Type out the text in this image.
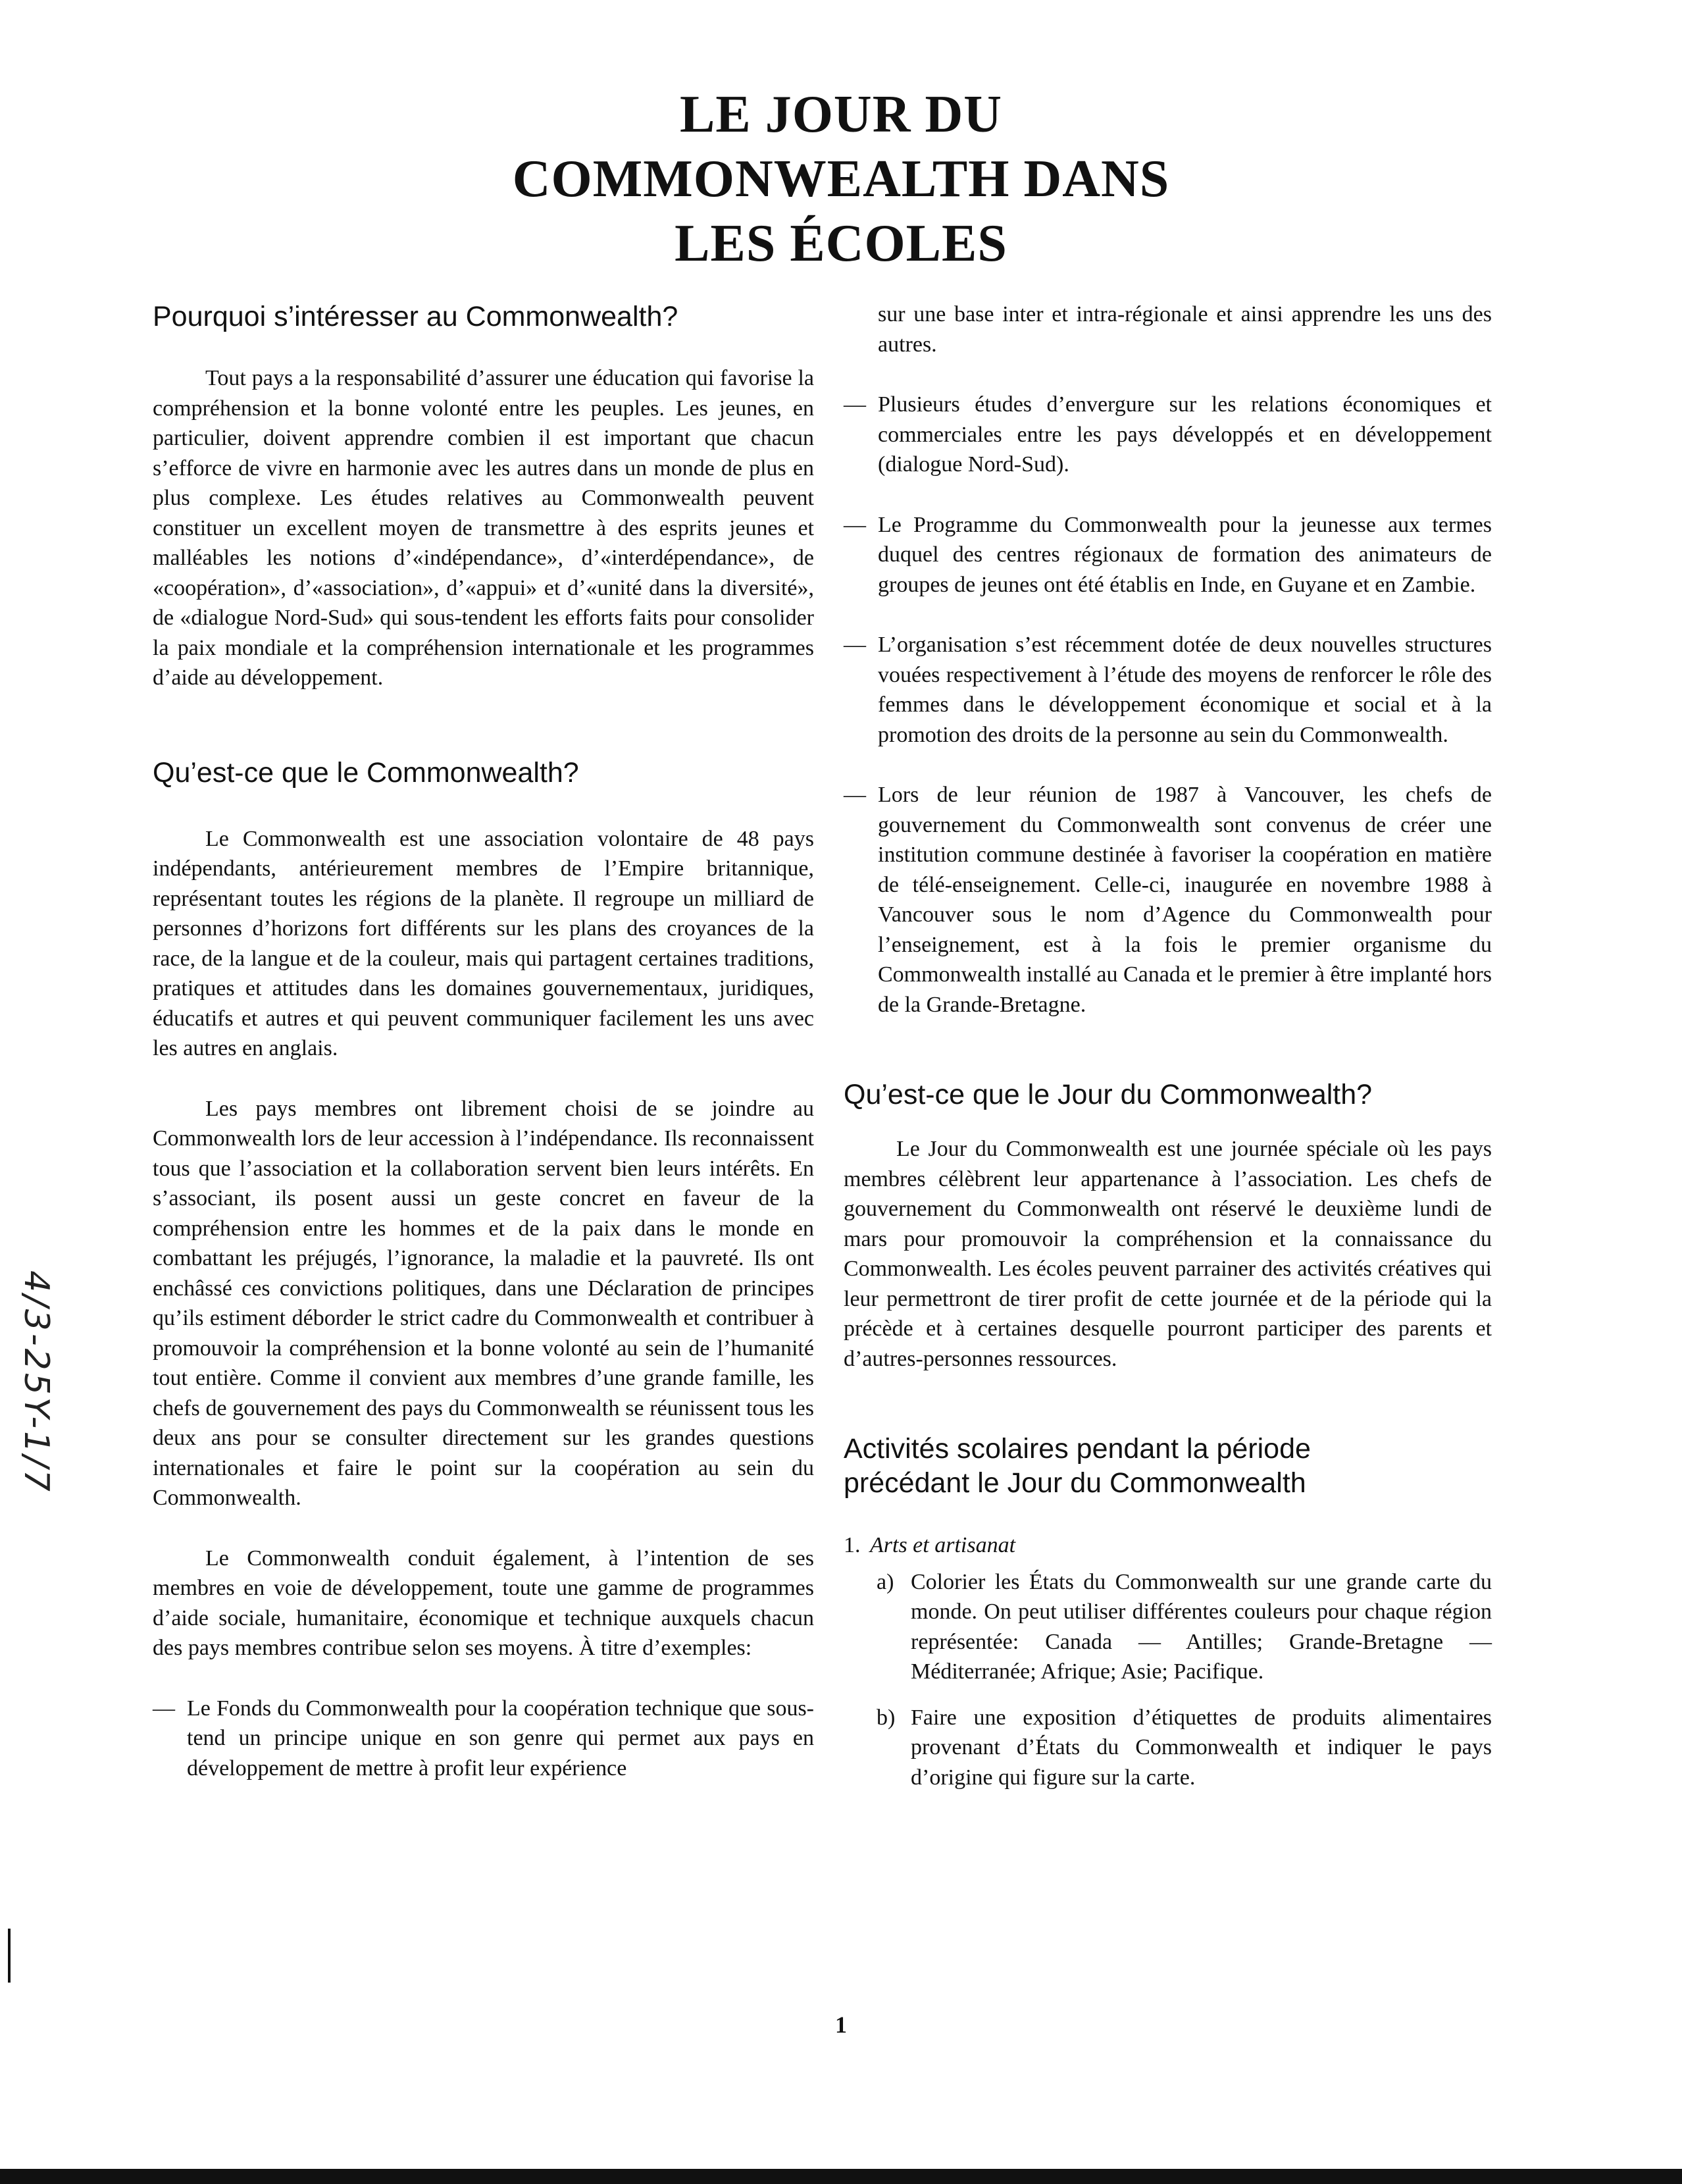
LE JOUR DU
COMMONWEALTH DANS
LES ÉCOLES
Pourquoi s’intéresser au Commonwealth?

Tout pays a la responsabilité d’assurer une éducation qui favorise la compréhension et la bonne volonté entre les peuples. Les jeunes, en particulier, doivent apprendre combien il est important que chacun s’efforce de vivre en harmonie avec les autres dans un monde de plus en plus complexe. Les études relatives au Commonwealth peuvent constituer un excellent moyen de transmettre à des esprits jeunes et malléables les notions d’«indépendance», d’«interdépendance», de «coopération», d’«association», d’«appui» et d’«unité dans la diversité», de «dialogue Nord-Sud» qui sous-tendent les efforts faits pour consolider la paix mondiale et la compréhension internationale et les programmes d’aide au développement.

Qu’est-ce que le Commonwealth?

Le Commonwealth est une association volontaire de 48 pays indépendants, antérieurement membres de l’Empire britannique, représentant toutes les régions de la planète. Il regroupe un milliard de personnes d’horizons fort différents sur les plans des croyances de la race, de la langue et de la couleur, mais qui partagent certaines traditions, pratiques et attitudes dans les domaines gouvernementaux, juridiques, éducatifs et autres et qui peuvent communiquer facilement les uns avec les autres en anglais.

Les pays membres ont librement choisi de se joindre au Commonwealth lors de leur accession à l’indépendance. Ils reconnaissent tous que l’association et la collaboration servent bien leurs intérêts. En s’associant, ils posent aussi un geste concret en faveur de la compréhension entre les hommes et de la paix dans le monde en combattant les préjugés, l’ignorance, la maladie et la pauvreté. Ils ont enchâssé ces convictions politiques, dans une Déclaration de principes qu’ils estiment déborder le strict cadre du Commonwealth et contribuer à promouvoir la compréhension et la bonne volonté au sein de l’humanité tout entière. Comme il convient aux membres d’une grande famille, les chefs de gouvernement des pays du Commonwealth se réunissent tous les deux ans pour se consulter directement sur les grandes questions internationales et faire le point sur la coopération au sein du Commonwealth.

Le Commonwealth conduit également, à l’intention de ses membres en voie de développement, toute une gamme de programmes d’aide sociale, humanitaire, économique et technique auxquels chacun des pays membres contribue selon ses moyens. À titre d’exemples:

— Le Fonds du Commonwealth pour la coopération technique que sous-tend un principe unique en son genre qui permet aux pays en développement de mettre à profit leur expérience

sur une base inter et intra-régionale et ainsi apprendre les uns des autres.

— Plusieurs études d’envergure sur les relations économiques et commerciales entre les pays développés et en développement (dialogue Nord-Sud).

— Le Programme du Commonwealth pour la jeunesse aux termes duquel des centres régionaux de formation des animateurs de groupes de jeunes ont été établis en Inde, en Guyane et en Zambie.

— L’organisation s’est récemment dotée de deux nouvelles structures vouées respectivement à l’étude des moyens de renforcer le rôle des femmes dans le développement économique et social et à la promotion des droits de la personne au sein du Commonwealth.

— Lors de leur réunion de 1987 à Vancouver, les chefs de gouvernement du Commonwealth sont convenus de créer une institution commune destinée à favoriser la coopération en matière de télé-enseignement. Celle-ci, inaugurée en novembre 1988 à Vancouver sous le nom d’Agence du Commonwealth pour l’enseignement, est à la fois le premier organisme du Commonwealth installé au Canada et le premier à être implanté hors de la Grande-Bretagne.

Qu’est-ce que le Jour du Commonwealth?

Le Jour du Commonwealth est une journée spéciale où les pays membres célèbrent leur appartenance à l’association. Les chefs de gouvernement du Commonwealth ont réservé le deuxième lundi de mars pour promouvoir la compréhension et la connaissance du Commonwealth. Les écoles peuvent parrainer des activités créatives qui leur permettront de tirer profit de cette journée et de la période qui la précède et à certaines desquelle pourront participer des parents et d’autres-personnes ressources.

Activités scolaires pendant la période
précédant le Jour du Commonwealth

1. Arts et artisanat

a) Colorier les États du Commonwealth sur une grande carte du monde. On peut utiliser différentes couleurs pour chaque région représentée: Canada — Antilles; Grande-Bretagne — Méditerranée; Afrique; Asie; Pacifique.

b) Faire une exposition d’étiquettes de produits alimentaires provenant d’États du Commonwealth et indiquer le pays d’origine qui figure sur la carte.

1
4/3-25Y-1/7
